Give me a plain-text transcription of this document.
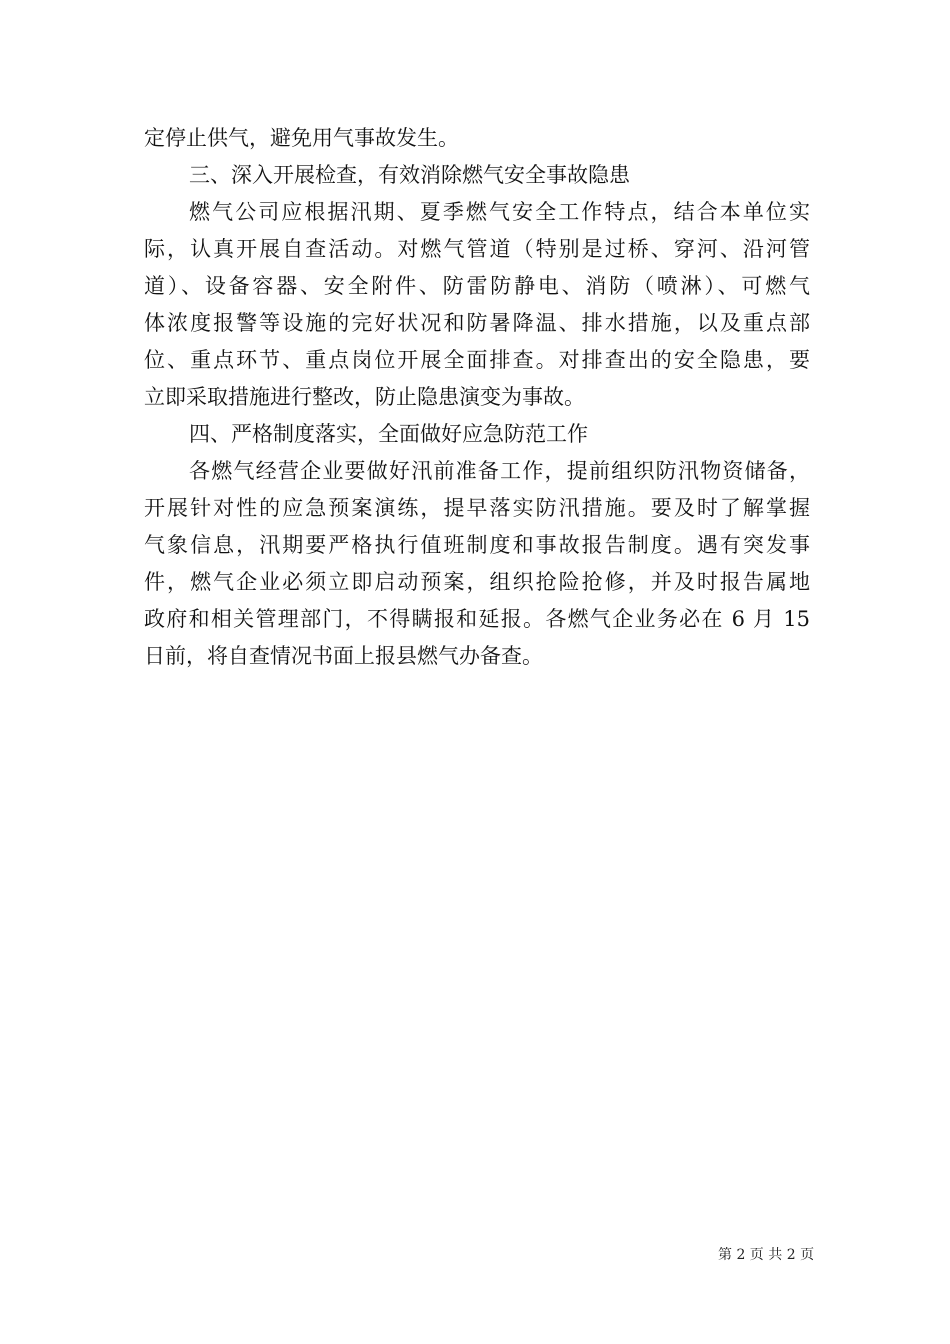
定停止供气，避免用气事故发生。
三、深入开展检查，有效消除燃气安全事故隐患
燃气公司应根据汛期、夏季燃气安全工作特点，结合本单位实
际，认真开展自查活动。对燃气管道（特别是过桥、穿河、沿河管
道）、设备容器、安全附件、防雷防静电、消防（喷淋）、可燃气
体浓度报警等设施的完好状况和防暑降温、排水措施，以及重点部
位、重点环节、重点岗位开展全面排查。对排查出的安全隐患，要
立即采取措施进行整改，防止隐患演变为事故。
四、严格制度落实，全面做好应急防范工作
各燃气经营企业要做好汛前准备工作，提前组织防汛物资储备，
开展针对性的应急预案演练，提早落实防汛措施。要及时了解掌握
气象信息，汛期要严格执行值班制度和事故报告制度。遇有突发事
件，燃气企业必须立即启动预案，组织抢险抢修，并及时报告属地
政府和相关管理部门，不得瞒报和延报。各燃气企业务必在 6 月 15
日前，将自查情况书面上报县燃气办备查。
第 2 页 共 2 页
